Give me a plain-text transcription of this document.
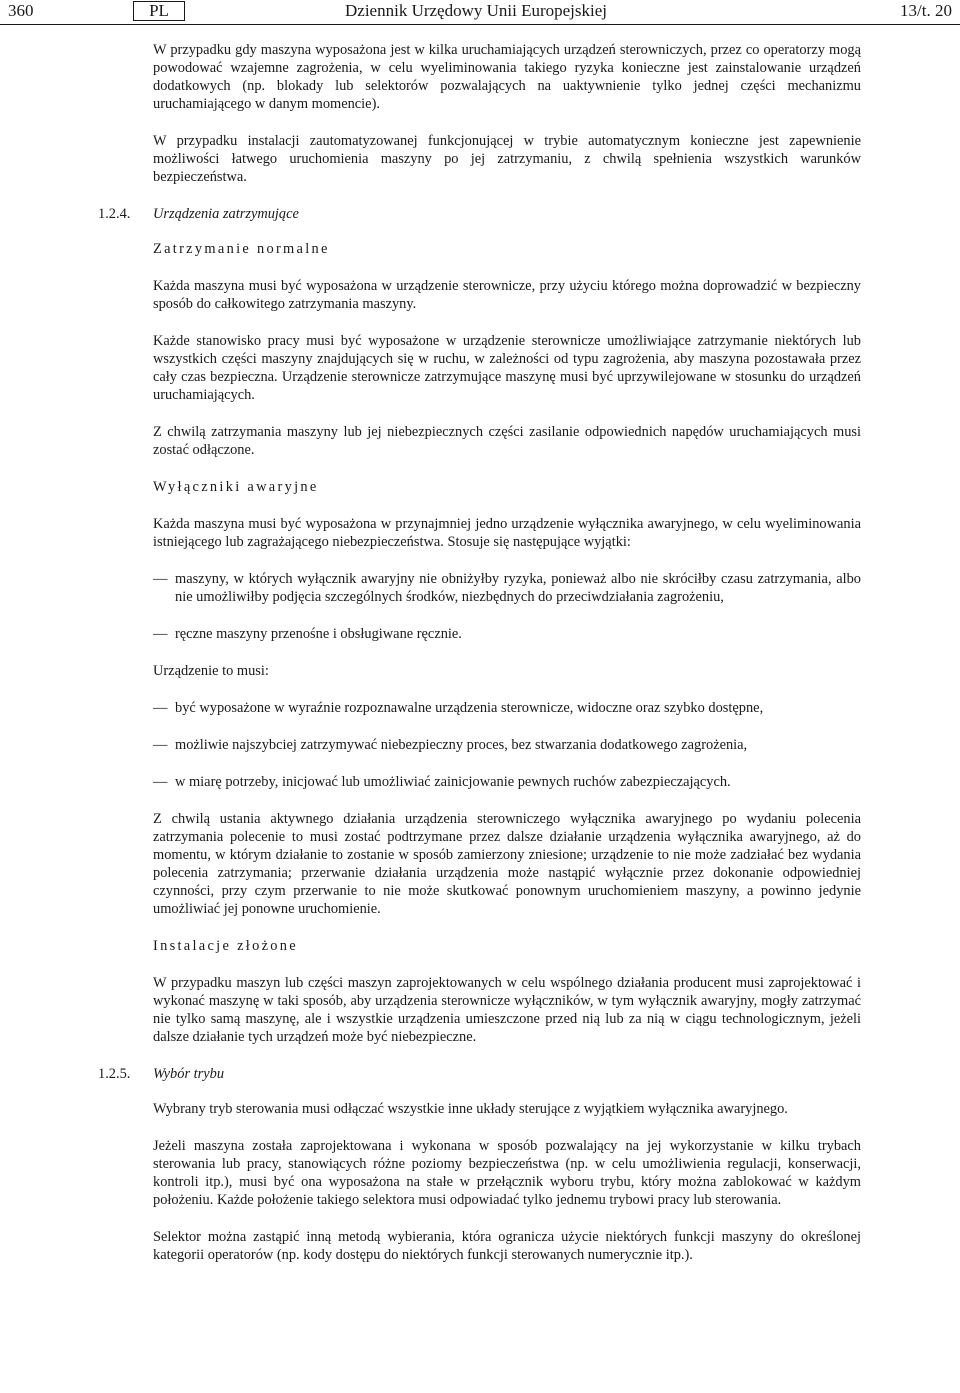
360	PL	Dziennik Urzędowy Unii Europejskiej	13/t. 20

W przypadku gdy maszyna wyposażona jest w kilka uruchamiających urządzeń sterowniczych, przez co operatorzy mogą powodować wzajemne zagrożenia, w celu wyeliminowania takiego ryzyka konieczne jest zainstalowanie urządzeń dodatkowych (np. blokady lub selektorów pozwalających na uaktywnienie tylko jednej części mechanizmu uruchamiającego w danym momencie).

W przypadku instalacji zautomatyzowanej funkcjonującej w trybie automatycznym konieczne jest zapewnienie możliwości łatwego uruchomienia maszyny po jej zatrzymaniu, z chwilą spełnienia wszystkich warunków bezpieczeństwa.

1.2.4. Urządzenia zatrzymujące
Zatrzymanie normalne

Każda maszyna musi być wyposażona w urządzenie sterownicze, przy użyciu którego można doprowadzić w bezpieczny sposób do całkowitego zatrzymania maszyny.

Każde stanowisko pracy musi być wyposażone w urządzenie sterownicze umożliwiające zatrzymanie niektórych lub wszystkich części maszyny znajdujących się w ruchu, w zależności od typu zagrożenia, aby maszyna pozostawała przez cały czas bezpieczna. Urządzenie sterownicze zatrzymujące maszynę musi być uprzywilejowane w stosunku do urządzeń uruchamiających.

Z chwilą zatrzymania maszyny lub jej niebezpiecznych części zasilanie odpowiednich napędów uruchamiających musi zostać odłączone.

Wyłączniki awaryjne

Każda maszyna musi być wyposażona w przynajmniej jedno urządzenie wyłącznika awaryjnego, w celu wyeliminowania istniejącego lub zagrażającego niebezpieczeństwa. Stosuje się następujące wyjątki:

— maszyny, w których wyłącznik awaryjny nie obniżyłby ryzyka, ponieważ albo nie skróciłby czasu zatrzymania, albo nie umożliwiłby podjęcia szczególnych środków, niezbędnych do przeciwdziałania zagrożeniu,
— ręczne maszyny przenośne i obsługiwane ręcznie.

Urządzenie to musi:

— być wyposażone w wyraźnie rozpoznawalne urządzenia sterownicze, widoczne oraz szybko dostępne,
— możliwie najszybciej zatrzymywać niebezpieczny proces, bez stwarzania dodatkowego zagrożenia,
— w miarę potrzeby, inicjować lub umożliwiać zainicjowanie pewnych ruchów zabezpieczających.

Z chwilą ustania aktywnego działania urządzenia sterowniczego wyłącznika awaryjnego po wydaniu polecenia zatrzymania polecenie to musi zostać podtrzymane przez dalsze działanie urządzenia wyłącznika awaryjnego, aż do momentu, w którym działanie to zostanie w sposób zamierzony zniesione; urządzenie to nie może zadziałać bez wydania polecenia zatrzymania; przerwanie działania urządzenia może nastąpić wyłącznie przez dokonanie odpowiedniej czynności, przy czym przerwanie to nie może skutkować ponownym uruchomieniem maszyny, a powinno jedynie umożliwiać jej ponowne uruchomienie.

Instalacje złożone

W przypadku maszyn lub części maszyn zaprojektowanych w celu wspólnego działania producent musi zaprojektować i wykonać maszynę w taki sposób, aby urządzenia sterownicze wyłączników, w tym wyłącznik awaryjny, mogły zatrzymać nie tylko samą maszynę, ale i wszystkie urządzenia umieszczone przed nią lub za nią w ciągu technologicznym, jeżeli dalsze działanie tych urządzeń może być niebezpieczne.

1.2.5. Wybór trybu

Wybrany tryb sterowania musi odłączać wszystkie inne układy sterujące z wyjątkiem wyłącznika awaryjnego.

Jeżeli maszyna została zaprojektowana i wykonana w sposób pozwalający na jej wykorzystanie w kilku trybach sterowania lub pracy, stanowiących różne poziomy bezpieczeństwa (np. w celu umożliwienia regulacji, konserwacji, kontroli itp.), musi być ona wyposażona na stałe w przełącznik wyboru trybu, który można zablokować w każdym położeniu. Każde położenie takiego selektora musi odpowiadać tylko jednemu trybowi pracy lub sterowania.

Selektor można zastąpić inną metodą wybierania, która ogranicza użycie niektórych funkcji maszyny do określonej kategorii operatorów (np. kody dostępu do niektórych funkcji sterowanych numerycznie itp.).
